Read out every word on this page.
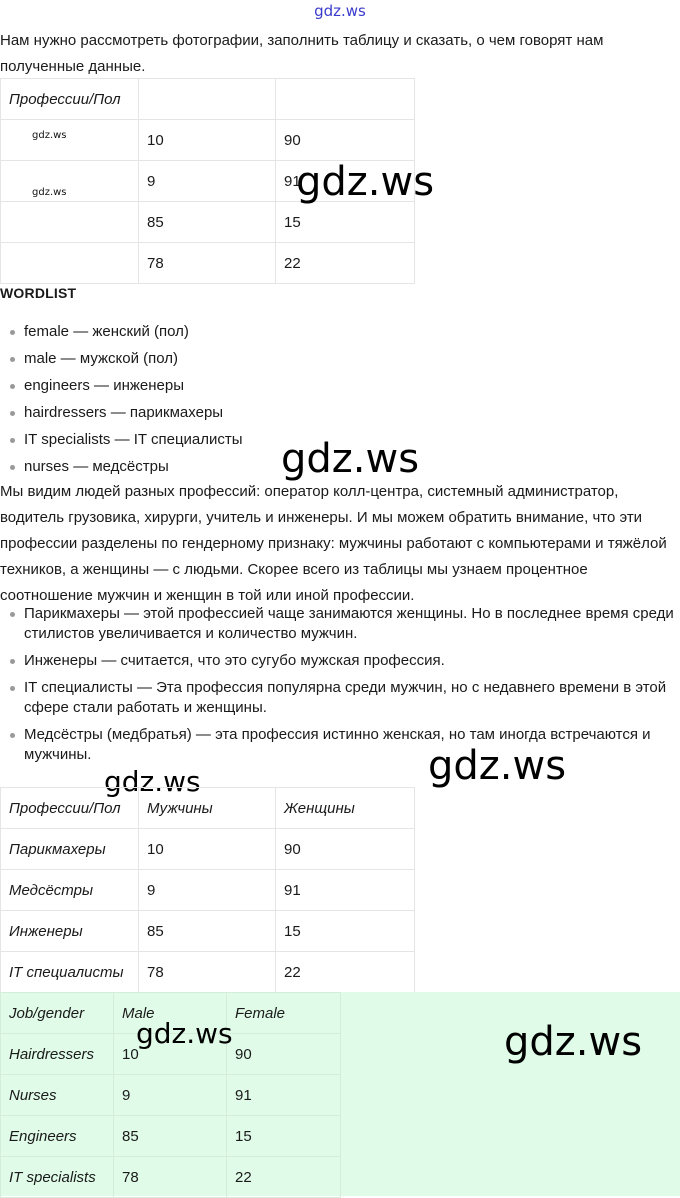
gdz.ws
Нам нужно рассмотреть фотографии, заполнить таблицу и сказать, о чем говорят нам полученные данные.
Профессии/Пол		
$_{gdz.ws}$	10	90
gdz.ws	9	91
	85	15
	78	22
gdz.ws
WORDLIST
female — женский (пол)
male — мужской (пол)
engineers — инженеры
hairdressers — парикмахеры
IT specialists — IT специалисты
nurses — медсёстры	gdz.ws
Мы видим людей разных профессий: оператор колл-центра, системный администратор, водитель грузовика, хирурги, учитель и инженеры. И мы можем обратить внимание, что эти профессии разделены по гендерному признаку: мужчины работают с компьютерами и тяжёлой техников, а женщины — с людьми. Скорее всего из таблицы мы узнаем процентное соотношение мужчин и женщин в той или иной профессии.
Парикмахеры — этой профессией чаще занимаются женщины. Но в последнее время среди стилистов увеличивается и количество мужчин.
Инженеры — считается, что это сугубо мужская профессия.
IT специалисты — Эта профессия популярна среди мужчин, но с недавнего времени в этой сфере стали работать и женщины.
Медсёстры (медбратья) — эта профессия истинно женская, но там иногда встречаются и мужчины.	gdz.ws
gdz.ws
Профессии/Пол	Мужчины	Женщины
Парикмахеры	10	90
Медсёстры	9	91
Инженеры	85	15
IT специалисты	78	22
Job/gender	Male	Female
Hairdressers	10	90
Nurses	9	91
Engineers	85	15
IT specialists	78	22
gdz.ws	gdz.ws
